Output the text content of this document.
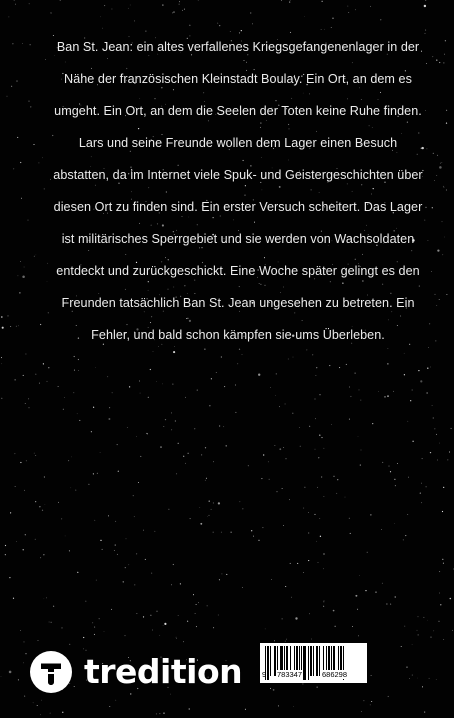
Ban St. Jean: ein altes verfallenes Kriegsgefangenenlager in der Nähe der französischen Kleinstadt Boulay. Ein Ort, an dem es umgeht. Ein Ort, an dem die Seelen der Toten keine Ruhe finden. Lars und seine Freunde wollen dem Lager einen Besuch abstatten, da im Internet viele Spuk- und Geistergeschichten über diesen Ort zu finden sind. Ein erster Versuch scheitert. Das Lager ist militärisches Sperrgebiet und sie werden von Wachsoldaten entdeckt und zurückgeschickt. Eine Woche später gelingt es den Freunden tatsächlich Ban St. Jean ungesehen zu betreten. Ein Fehler, und bald schon kämpfen sie ums Überleben.

tredition	9 783347	686298
